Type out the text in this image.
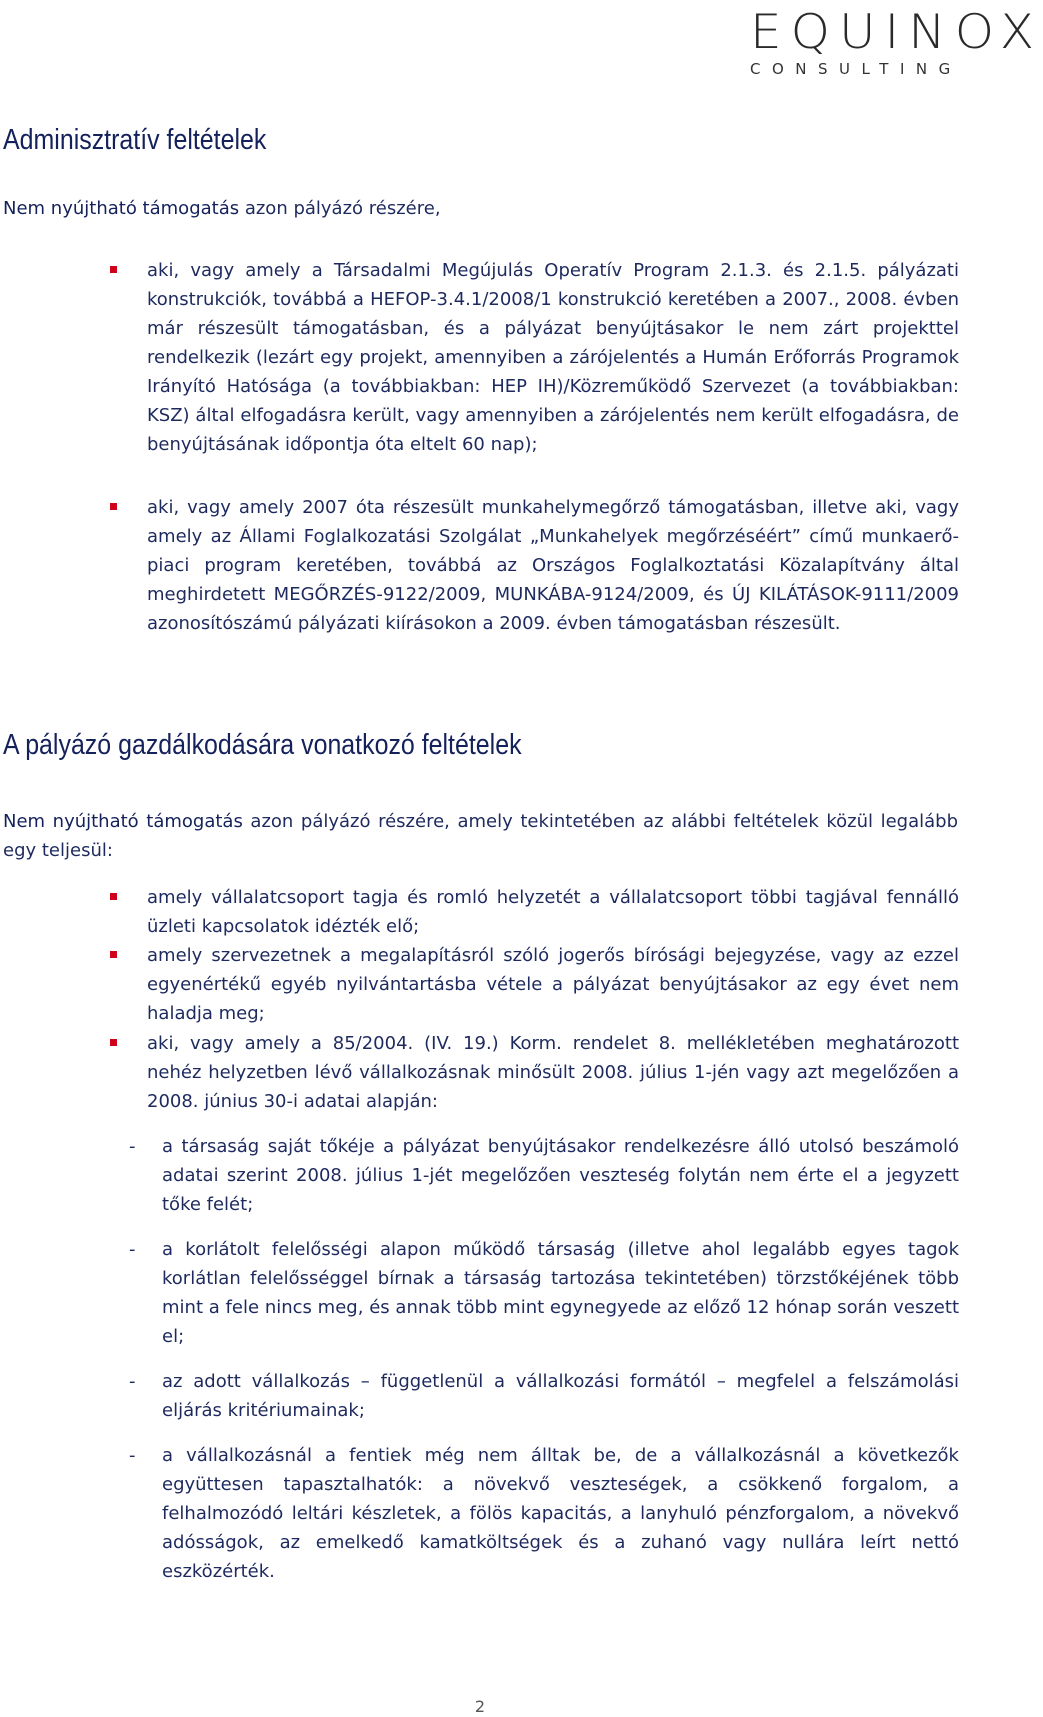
EQUINOX
CONSULTING
Adminisztratív feltételek
Nem nyújtható támogatás azon pályázó részére,
aki, vagy amely a Társadalmi Megújulás Operatív Program 2.1.3. és 2.1.5. pályázati konstrukciók, továbbá a HEFOP-3.4.1/2008/1 konstrukció keretében a 2007., 2008. évben már részesült támogatásban, és a pályázat benyújtásakor le nem zárt projekttel rendelkezik (lezárt egy projekt, amennyiben a zárójelentés a Humán Erőforrás Programok Irányító Hatósága (a továbbiakban: HEP IH)/Közreműködő Szervezet (a továbbiakban: KSZ) által elfogadásra került, vagy amennyiben a zárójelentés nem került elfogadásra, de benyújtásának időpontja óta eltelt 60 nap);
aki, vagy amely 2007 óta részesült munkahelymegőrző támogatásban, illetve aki, vagy amely az Állami Foglalkozatási Szolgálat „Munkahelyek megőrzéséért” című munkaerő-piaci program keretében, továbbá az Országos Foglalkoztatási Közalapítvány által meghirdetett MEGŐRZÉS-9122/2009, MUNKÁBA-9124/2009, és ÚJ KILÁTÁSOK-9111/2009 azonosítószámú pályázati kiírásokon a 2009. évben támogatásban részesült.
A pályázó gazdálkodására vonatkozó feltételek
Nem nyújtható támogatás azon pályázó részére, amely tekintetében az alábbi feltételek közül legalább egy teljesül:
amely vállalatcsoport tagja és romló helyzetét a vállalatcsoport többi tagjával fennálló üzleti kapcsolatok idézték elő;
amely szervezetnek a megalapításról szóló jogerős bírósági bejegyzése, vagy az ezzel egyenértékű egyéb nyilvántartásba vétele a pályázat benyújtásakor az egy évet nem haladja meg;
aki, vagy amely a 85/2004. (IV. 19.) Korm. rendelet 8. mellékletében meghatározott nehéz helyzetben lévő vállalkozásnak minősült 2008. július 1-jén vagy azt megelőzően a 2008. június 30-i adatai alapján:
- a társaság saját tőkéje a pályázat benyújtásakor rendelkezésre álló utolsó beszámoló adatai szerint 2008. július 1-jét megelőzően veszteség folytán nem érte el a jegyzett tőke felét;
- a korlátolt felelősségi alapon működő társaság (illetve ahol legalább egyes tagok korlátlan felelősséggel bírnak a társaság tartozása tekintetében) törzstőkéjének több mint a fele nincs meg, és annak több mint egynegyede az előző 12 hónap során veszett el;
- az adott vállalkozás – függetlenül a vállalkozási formától – megfelel a felszámolási eljárás kritériumainak;
- a vállalkozásnál a fentiek még nem álltak be, de a vállalkozásnál a következők együttesen tapasztalhatók: a növekvő veszteségek, a csökkenő forgalom, a felhalmozódó leltári készletek, a fölös kapacitás, a lanyhuló pénzforgalom, a növekvő adósságok, az emelkedő kamatköltségek és a zuhanó vagy nullára leírt nettó eszközérték.
2
